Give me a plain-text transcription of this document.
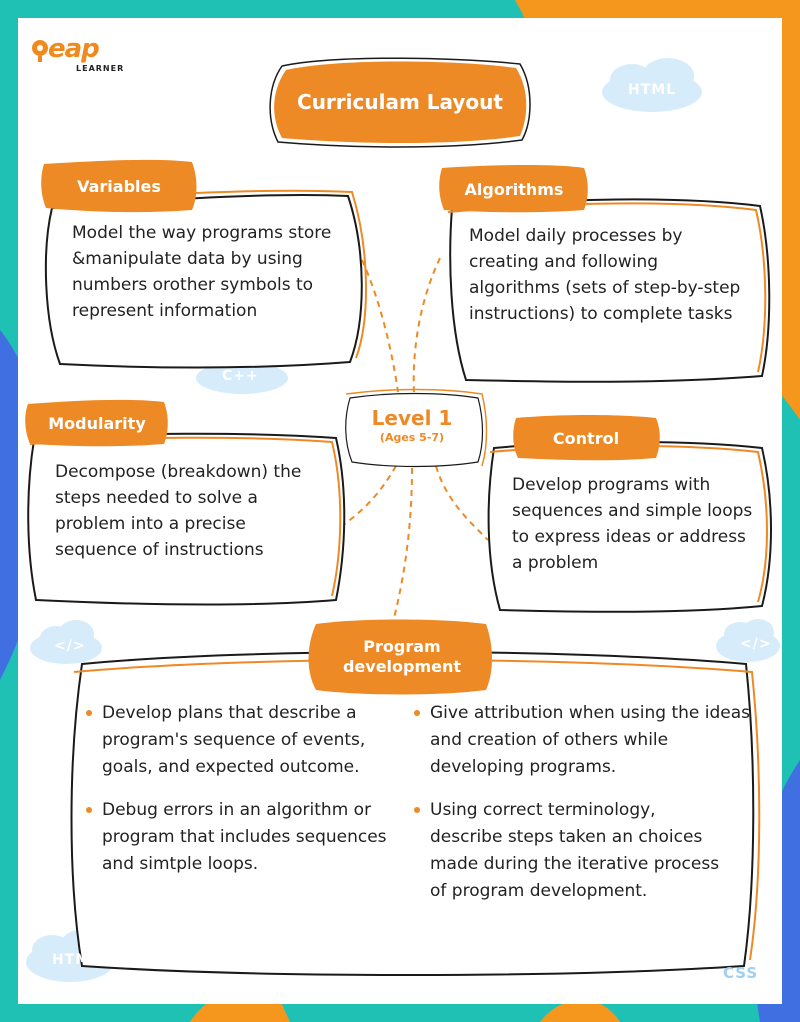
eap
LEARNER
HTML
C++
</>	</>
HTML
CSS
Curriculam Layout
Variables
Model the way programs store &manipulate data by using numbers orother symbols to represent information
Algorithms
Model daily processes by creating and following algorithms (sets of step-by-step instructions) to complete tasks
Level 1
(Ages 5-7)
Modularity
Decompose (breakdown) the steps needed to solve a problem into a precise sequence of instructions
Control
Develop programs with sequences and simple loops to express ideas or address a problem
Program
development
Develop plans that describe a program's sequence of events, goals, and expected outcome.
Debug errors in an algorithm or program that includes sequences and simtple loops.
Give attribution when using the ideas and creation of others while developing programs.
Using correct terminology, describe steps taken an choices made during the iterative process of program development.
